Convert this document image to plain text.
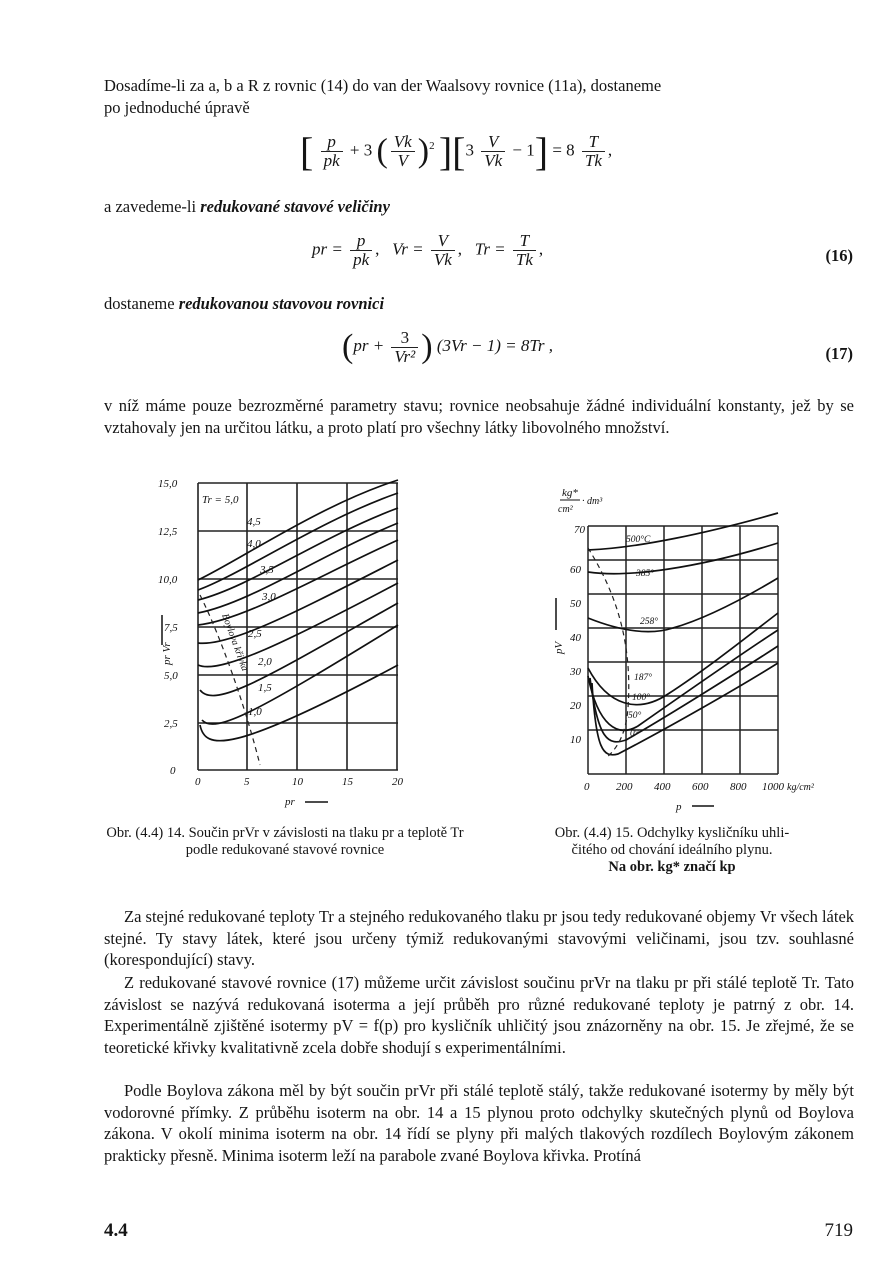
Dosadíme-li za a, b a R z rovnic (14) do van der Waalsovy rovnice (11a), dostaneme
po jednoduché úpravě
[ $\frac{p}{pk} + 3$ ( $\frac{Vk}{V} )^2$ ]$[3 \frac{V}{Vk} - 1] = 8 \frac{T}{Tk}$ ,
a zavedeme-li redukované stavové veličiny
pr = $\frac{p}{pk}$ , $Vr = \frac{V}{Vk}$ , $Tr = \frac{T}{Tk}$ ,	(16)
dostaneme redukovanou stavovou rovnici
($pr + \frac{3}{\text{Vr²}}$ ) (3Vr − 1) = 8Tr ,	(17)
v níž máme pouze bezrozměrné parametry stavu; rovnice neobsahuje žádné individuální konstanty, jež by se vztahovaly jen na určitou látku, a proto platí pro všechny látky libovolného množství.
0
2,5
5,0
7,5
10,0
12,5
15,0
0	5	10	15	20
Tr = 5,0
4,5
4,0
3,5
3,0
2,5
2,0
1,5
1,0
Boylova křivka
pr Vr
pr
10
20
30
40
50
60
70
0 200 400 600 800 1000 kg/cm²
500°C
385°
258°
187°
100°
50°
0°
kg*
cm²
· dm³
pV
p
Obr. (4.4) 14. Součin prVr v závislosti na tlaku pr a teplotě Tr podle redukované stavové rovnice
Obr. (4.4) 15. Odchylky kysličníku uhli-
čitého od chování ideálního plynu.
Na obr. kg* značí kp
Za stejné redukované teploty Tr a stejného redukovaného tlaku pr jsou tedy redukované objemy Vr všech látek stejné. Ty stavy látek, které jsou určeny týmiž redukovanými stavovými veličinami, jsou tzv. souhlasné (korespondující) stavy.
Z redukované stavové rovnice (17) můžeme určit závislost součinu prVr na tlaku pr při stálé teplotě Tr. Tato závislost se nazývá redukovaná isoterma a její průběh pro různé redukované teploty je patrný z obr. 14. Experimentálně zjištěné isotermy pV = f(p) pro kysličník uhličitý jsou znázorněny na obr. 15. Je zřejmé, že se teoretické křivky kvalitativně zcela dobře shodují s experimentálními.
Podle Boylova zákona měl by být součin prVr při stálé teplotě stálý, takže redukované isotermy by měly být vodorovné přímky. Z průběhu isoterm na obr. 14 a 15 plynou proto odchylky skutečných plynů od Boylova zákona. V okolí minima isoterm na obr. 14 řídí se plyny při malých tlakových rozdílech Boylovým zákonem prakticky přesně. Minima isoterm leží na parabole zvané Boylova křivka. Protíná
4.4	719
